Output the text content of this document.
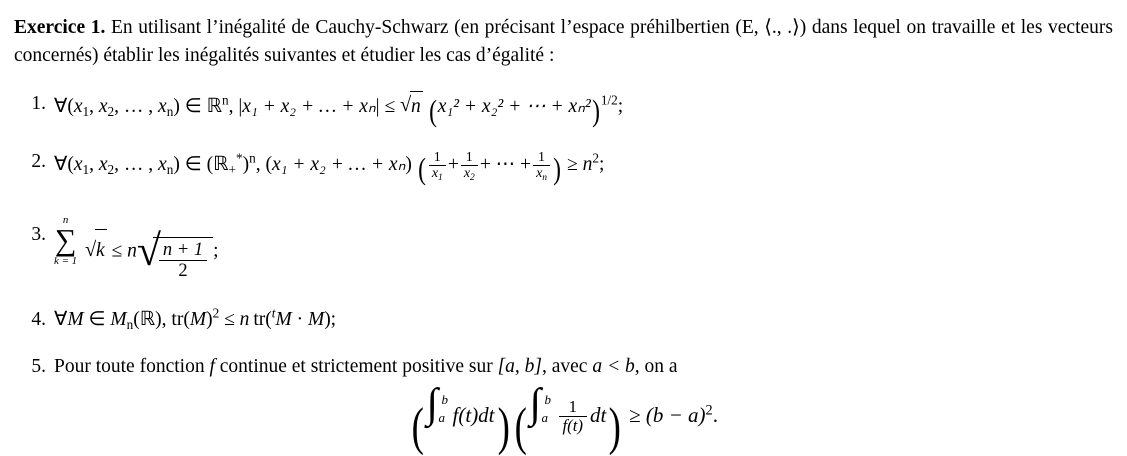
Exercice 1. En utilisant l’inégalité de Cauchy-Schwarz (en précisant l’espace préhilbertien (E, ⟨., .⟩) dans lequel on travaille et les vecteurs concernés) établir les inégalités suivantes et étudier les cas d’égalité :
1. $\forall(x_1$, $x_2$, … , $x_n$) ∈ ℝ$^n$, |x₁ + x₂ + … + xₙ| ≤ √ n (x₁² + x₂² + ⋯ + xₙ²)$^{1/2}$;
2. $\forall(x_1$, $x_2$, … , $x_n$) ∈ (ℝ$_+$*)$^n$, (x₁ + x₂ + … + xₙ) ( $\frac{1}{x_1} + \frac{1}{x_2}$ + ⋯ + $\frac{1}{x_n}$ ) ≥ $n^2$;
3.
n
∑
k = 1 √ k ≤ n √ $\frac{n + 1}{2}$ ;
4. ∀M ∈ $M_n(ℝ)$, $tr(M)^2 \le n$  tr($^t$M · M);
5. Pour toute fonction f continue et strictement positive sur [a, b], avec a < b, on a
( ∫ b
a f(t)dt)( ∫ b
a $\frac{1}{f(t)} dt) \ge (b - a)^2$.
